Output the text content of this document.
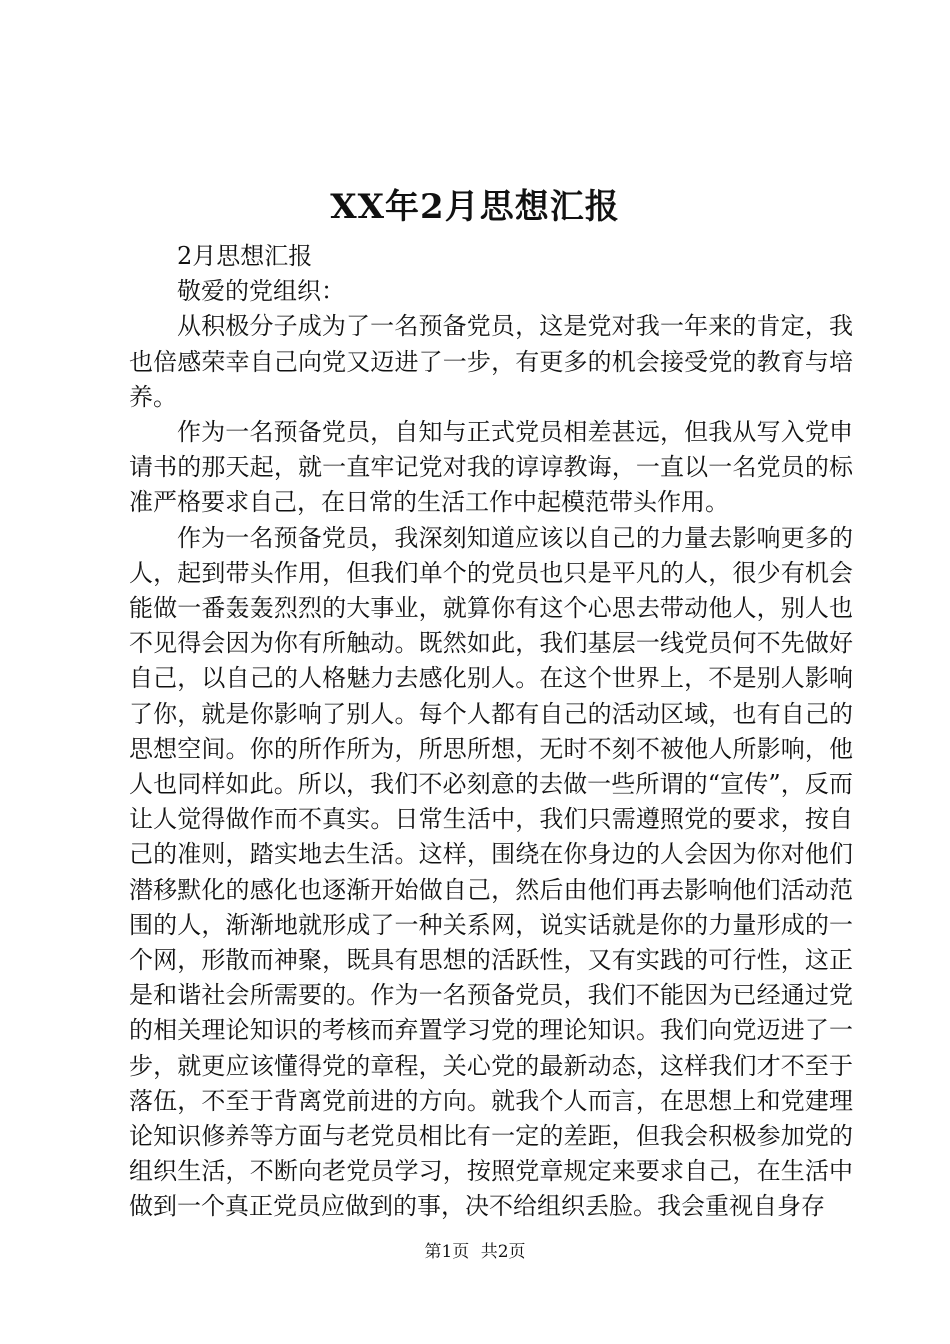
XX年2月思想汇报

2月思想汇报

敬爱的党组织：

从积极分子成为了一名预备党员，这是党对我一年来的肯定，我也倍感荣幸自己向党又迈进了一步，有更多的机会接受党的教育与培养。

作为一名预备党员，自知与正式党员相差甚远，但我从写入党申请书的那天起，就一直牢记党对我的谆谆教诲，一直以一名党员的标准严格要求自己，在日常的生活工作中起模范带头作用。

作为一名预备党员，我深刻知道应该以自己的力量去影响更多的人，起到带头作用，但我们单个的党员也只是平凡的人，很少有机会能做一番轰轰烈烈的大事业，就算你有这个心思去带动他人，别人也不见得会因为你有所触动。既然如此，我们基层一线党员何不先做好自己，以自己的人格魅力去感化别人。在这个世界上，不是别人影响了你，就是你影响了别人。每个人都有自己的活动区域，也有自己的思想空间。你的所作所为，所思所想，无时不刻不被他人所影响，他人也同样如此。所以，我们不必刻意的去做一些所谓的“宣传”，反而让人觉得做作而不真实。日常生活中，我们只需遵照党的要求，按自己的准则，踏实地去生活。这样，围绕在你身边的人会因为你对他们潜移默化的感化也逐渐开始做自己，然后由他们再去影响他们活动范围的人，渐渐地就形成了一种关系网，说实话就是你的力量形成的一个网，形散而神聚，既具有思想的活跃性，又有实践的可行性，这正是和谐社会所需要的。作为一名预备党员，我们不能因为已经通过党的相关理论知识的考核而弃置学习党的理论知识。我们向党迈进了一步，就更应该懂得党的章程，关心党的最新动态，这样我们才不至于落伍，不至于背离党前进的方向。就我个人而言，在思想上和党建理论知识修养等方面与老党员相比有一定的差距，但我会积极参加党的组织生活，不断向老党员学习，按照党章规定来要求自己，在生活中做到一个真正党员应做到的事，决不给组织丢脸。我会重视自身存

第1页 共2页
